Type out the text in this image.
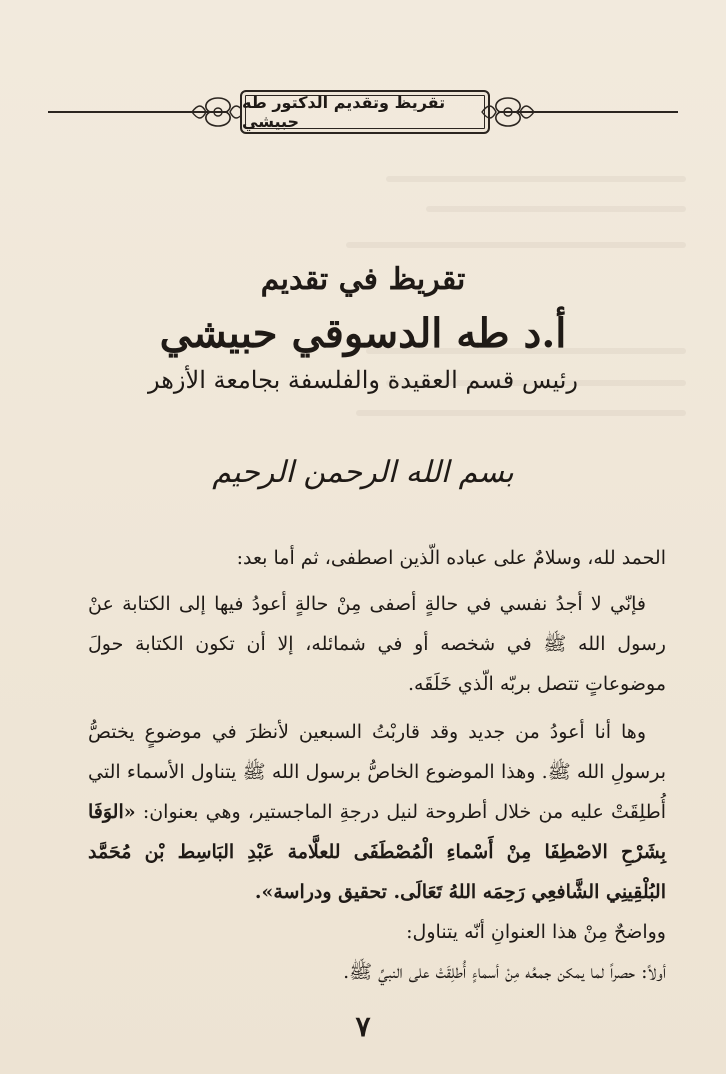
تقريظ وتقديم الدكتور طه حبيشي
تقريظ في تقديم
أ.د طه الدسوقي حبيشي
رئيس قسم العقيدة والفلسفة بجامعة الأزهر
بسم الله الرحمن الرحيم
الحمد لله، وسلامٌ على عباده الّذين اصطفى، ثم أما بعد:
فإنّي لا أجدُ نفسي في حالةٍ أصفى مِنْ حالةٍ أعودُ فيها إلى الكتابة عنْ رسول الله ﷺ في شخصه أو في شمائله، إلا أن تكون الكتابة حولَ موضوعاتٍ تتصل بربّه الّذي خَلَقَه.
وها أنا أعودُ من جديد وقد قاربْتُ السبعين لأنظرَ في موضوعٍ يختصُّ برسولِ الله ﷺ. وهذا الموضوع الخاصُّ برسول الله ﷺ يتناول الأسماء التي أُطلِقَتْ عليه من خلال أطروحة لنيل درجةِ الماجستير، وهي بعنوان: «الوَفَا بِشَرْحِ الاصْطِفَا مِنْ أَسْماءِ الْمُصْطَفَى للعلَّامة عَبْدِ البَاسِط بْن مُحَمَّد البُلْقِينِي الشَّافعِي رَحِمَه اللهُ تَعَالَى. تحقيق ودراسة».
وواضحٌ مِنْ هذا العنوانِ أنّه يتناول:
أولاً: حصراً لما يمكن جمعُه مِنْ أسماءٍ أُطلِقَتْ على النبيِّ ﷺ.
٧
